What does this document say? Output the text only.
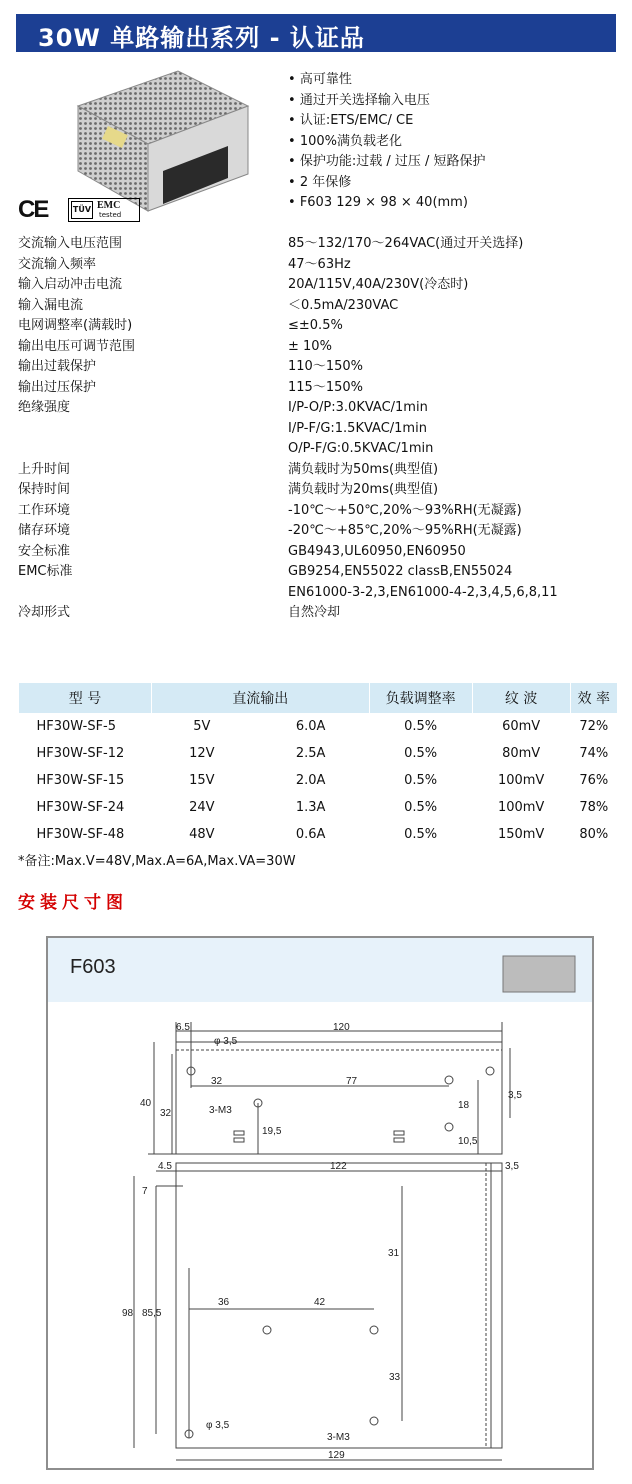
30W 单路输出系列 - 认证品
CE	TÜV EMC
tested
• 高可靠性
• 通过开关选择输入电压
• 认证:ETS/EMC/ CE
• 100%满负载老化
• 保护功能:过载 / 过压 / 短路保护
• 2 年保修
• F603 129 × 98 × 40(mm)
交流输入电压范围	85～132/170～264VAC(通过开关选择)
交流输入频率	47～63Hz
输入启动冲击电流	20A/115V,40A/230V(冷态时)
输入漏电流	＜0.5mA/230VAC
电网调整率(满载时)	≤±0.5%
输出电压可调节范围	± 10%
输出过载保护	110～150%
输出过压保护	115～150%
绝缘强度	I/P-O/P:3.0KVAC/1min
I/P-F/G:1.5KVAC/1min
O/P-F/G:0.5KVAC/1min
上升时间	满负载时为50ms(典型值)
保持时间	满负载时为20ms(典型值)
工作环境	-10℃～+50℃,20%～93%RH(无凝露)
储存环境	-20℃～+85℃,20%～95%RH(无凝露)
安全标准	GB4943,UL60950,EN60950
EMC标准	GB9254,EN55022 classB,EN55024
EN61000-3-2,3,EN61000-4-2,3,4,5,6,8,11
冷却形式	自然冷却
型 号	直流输出		负载调整率	纹 波	效 率
HF30W-SF-5	5V	6.0A	0.5%	60mV	72%
HF30W-SF-12	12V	2.5A	0.5%	80mV	74%
HF30W-SF-15	15V	2.0A	0.5%	100mV	76%
HF30W-SF-24	24V	1.3A	0.5%	100mV	78%
HF30W-SF-48	48V	0.6A	0.5%	150mV	80%
*备注:Max.V=48V,Max.A=6A,Max.VA=30W
安装尺寸图
F603
6.5	120
φ 3,5
32	77
3-M3
40
32
19,5
18
10,5
3,5
4.5	122	3,5
7
31
98 85,5
36	42
33
3-M3
φ 3,5
129
